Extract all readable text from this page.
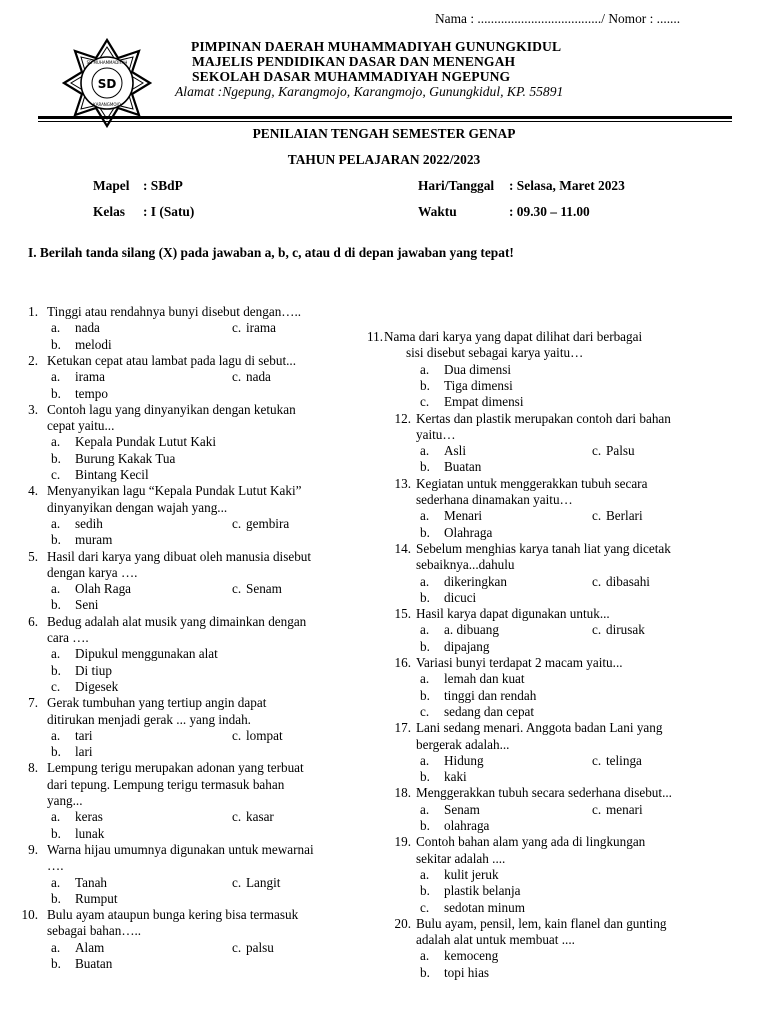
Nama : ...................................../ Nomor : .......
SD
SD MUHAMMADIYAH
KARANGMOJO
PIMPINAN DAERAH MUHAMMADIYAH GUNUNGKIDUL
MAJELIS PENDIDIKAN DASAR DAN MENENGAH
SEKOLAH DASAR MUHAMMADIYAH NGEPUNG
Alamat :Ngepung, Karangmojo, Karangmojo, Gunungkidul, KP. 55891
PENILAIAN TENGAH SEMESTER GENAP
TAHUN PELAJARAN 2022/2023
Mapel : SBdP
Kelas : I (Satu)
Hari/Tanggal : Selasa, Maret 2023
Waktu	: 09.30 – 11.00
I. Berilah tanda silang (X) pada jawaban a, b, c, atau d di depan jawaban yang tepat!
1. Tinggi atau rendahnya bunyi disebut dengan…..
a. nada	c. irama
b. melodi
2. Ketukan cepat atau lambat pada lagu di sebut...
a. irama	c. nada
b. tempo
3. Contoh lagu yang dinyanyikan dengan ketukan
cepat yaitu...
a. Kepala Pundak Lutut Kaki
b. Burung Kakak Tua
c. Bintang Kecil
4. Menyanyikan lagu “Kepala Pundak Lutut Kaki”
dinyanyikan dengan wajah yang...
a. sedih	c. gembira
b. muram
5. Hasil dari karya yang dibuat oleh manusia disebut
dengan karya ….
a. Olah Raga	c. Senam
b. Seni
6. Bedug adalah alat musik yang dimainkan dengan
cara ….
a. Dipukul menggunakan alat
b. Di tiup
c. Digesek
7. Gerak tumbuhan yang tertiup angin dapat
ditirukan menjadi gerak ... yang indah.
a. tari	c. lompat
b. lari
8. Lempung terigu merupakan adonan yang terbuat
dari tepung. Lempung terigu termasuk bahan
yang...
a. keras	c. kasar
b. lunak
9. Warna hijau umumnya digunakan untuk mewarnai
….
a. Tanah	c. Langit
b. Rumput
10. Bulu ayam ataupun bunga kering bisa termasuk
sebagai bahan…..
a. Alam	c. palsu
b. Buatan
11. Nama dari karya yang dapat dilihat dari berbagai
sisi disebut sebagai karya yaitu…
a. Dua dimensi
b. Tiga dimensi
c. Empat dimensi
12. Kertas dan plastik merupakan contoh dari bahan
yaitu…
a. Asli	c. Palsu
b. Buatan
13. Kegiatan untuk menggerakkan tubuh secara
sederhana dinamakan yaitu…
a. Menari	c. Berlari
b. Olahraga
14. Sebelum menghias karya tanah liat yang dicetak
sebaiknya...dahulu
a. dikeringkan	c. dibasahi
b. dicuci
15. Hasil karya dapat digunakan untuk...
a. a. dibuang	c. dirusak
b. dipajang
16. Variasi bunyi terdapat 2 macam yaitu...
a. lemah dan kuat
b. tinggi dan rendah
c. sedang dan cepat
17. Lani sedang menari. Anggota badan Lani yang
bergerak adalah...
a. Hidung	c. telinga
b. kaki
18. Menggerakkan tubuh secara sederhana disebut...
a. Senam	c. menari
b. olahraga
19. Contoh bahan alam yang ada di lingkungan
sekitar adalah ....
a. kulit jeruk
b. plastik belanja
c. sedotan minum
20. Bulu ayam, pensil, lem, kain flanel dan gunting
adalah alat untuk membuat ....
a. kemoceng
b. topi hias
